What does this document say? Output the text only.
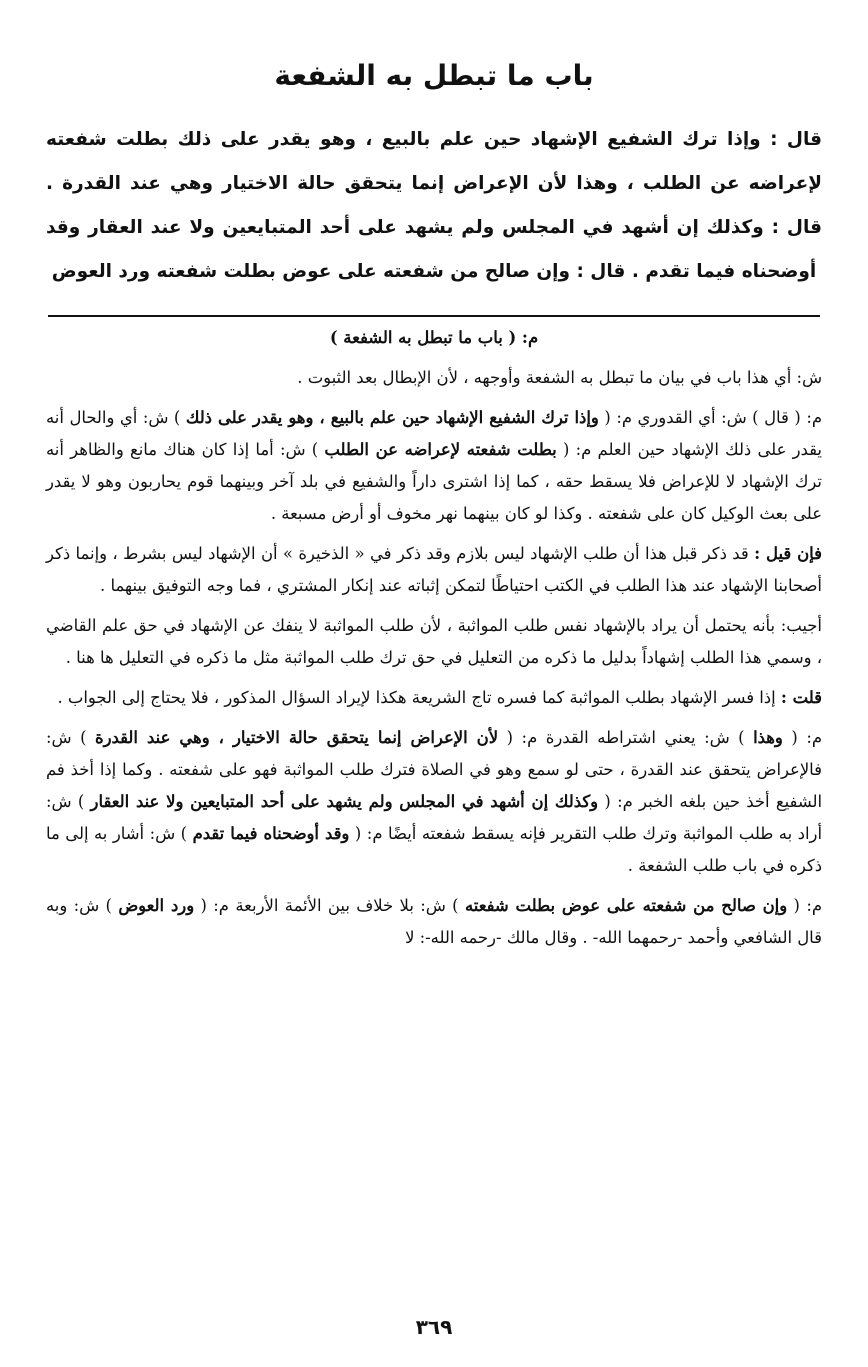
باب ما تبطل به الشفعة
قال : وإذا ترك الشفيع الإشهاد حين علم بالبيع ، وهو يقدر على ذلك بطلت شفعته لإعراضه عن الطلب ، وهذا لأن الإعراض إنما يتحقق حالة الاختيار وهي عند القدرة . قال : وكذلك إن أشهد في المجلس ولم يشهد على أحد المتبايعين ولا عند العقار وقد أوضحناه فيما تقدم . قال : وإن صالح من شفعته على عوض بطلت شفعته ورد العوض

م: ( باب ما تبطل به الشفعة )

ش: أي هذا باب في بيان ما تبطل به الشفعة وأوجهه ، لأن الإبطال بعد الثبوت .

م: ( قال ) ش: أي القدوري م: ( وإذا ترك الشفيع الإشهاد حين علم بالبيع ، وهو يقدر على ذلك ) ش: أي والحال أنه يقدر على ذلك الإشهاد حين العلم م: ( بطلت شفعته لإعراضه عن الطلب ) ش: أما إذا كان هناك مانع والظاهر أنه ترك الإشهاد لا للإعراض فلا يسقط حقه ، كما إذا اشترى داراً والشفيع في بلد آخر وبينهما قوم يحاربون وهو لا يقدر على بعث الوكيل كان على شفعته . وكذا لو كان بينهما نهر مخوف أو أرض مسبعة .

فإن قيل : قد ذكر قبل هذا أن طلب الإشهاد ليس بلازم وقد ذكر في « الذخيرة » أن الإشهاد ليس بشرط ، وإنما ذكر أصحابنا الإشهاد عند هذا الطلب في الكتب احتياطًا لتمكن إثباته عند إنكار المشتري ، فما وجه التوفيق بينهما .

أجيب: بأنه يحتمل أن يراد بالإشهاد نفس طلب المواثبة ، لأن طلب المواثبة لا ينفك عن الإشهاد في حق علم القاضي ، وسمي هذا الطلب إشهاداً بدليل ما ذكره من التعليل في حق ترك طلب المواثبة مثل ما ذكره في التعليل ها هنا .

قلت : إذا فسر الإشهاد بطلب المواثبة كما فسره تاج الشريعة هكذا لإيراد السؤال المذكور ، فلا يحتاج إلى الجواب .

م: ( وهذا ) ش: يعني اشتراطه القدرة م: ( لأن الإعراض إنما يتحقق حالة الاختيار ، وهي عند القدرة ) ش: فالإعراض يتحقق عند القدرة ، حتى لو سمع وهو في الصلاة فترك طلب المواثبة فهو على شفعته . وكما إذا أخذ فم الشفيع أخذ حين بلغه الخبر م: ( وكذلك إن أشهد في المجلس ولم يشهد على أحد المتبايعين ولا عند العقار ) ش: أراد به طلب المواثبة وترك طلب التقرير فإنه يسقط شفعته أيضًا م: ( وقد أوضحناه فيما تقدم ) ش: أشار به إلى ما ذكره في باب طلب الشفعة .

م: ( وإن صالح من شفعته على عوض بطلت شفعته ) ش: بلا خلاف بين الأئمة الأربعة م: ( ورد العوض ) ش: وبه قال الشافعي وأحمد -رحمهما الله- . وقال مالك -رحمه الله-: لا

٣٦٩
